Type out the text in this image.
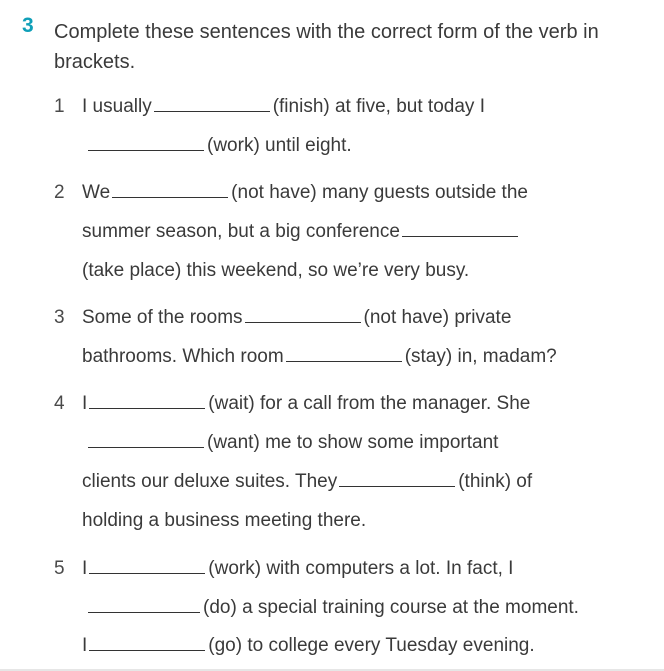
3 Complete these sentences with the correct form of the verb in brackets.
1 I usually	(finish) at five, but today I
(work) until eight.
2 We	(not have) many guests outside the
summer season, but a big conference
(take place) this weekend, so we’re very busy.
3 Some of the rooms	(not have) private
bathrooms. Which room	(stay) in, madam?
4 I	(wait) for a call from the manager. She
(want) me to show some important
clients our deluxe suites. They	(think) of
holding a business meeting there.
5 I	(work) with computers a lot. In fact, I
(do) a special training course at the moment.
I	(go) to college every Tuesday evening.
